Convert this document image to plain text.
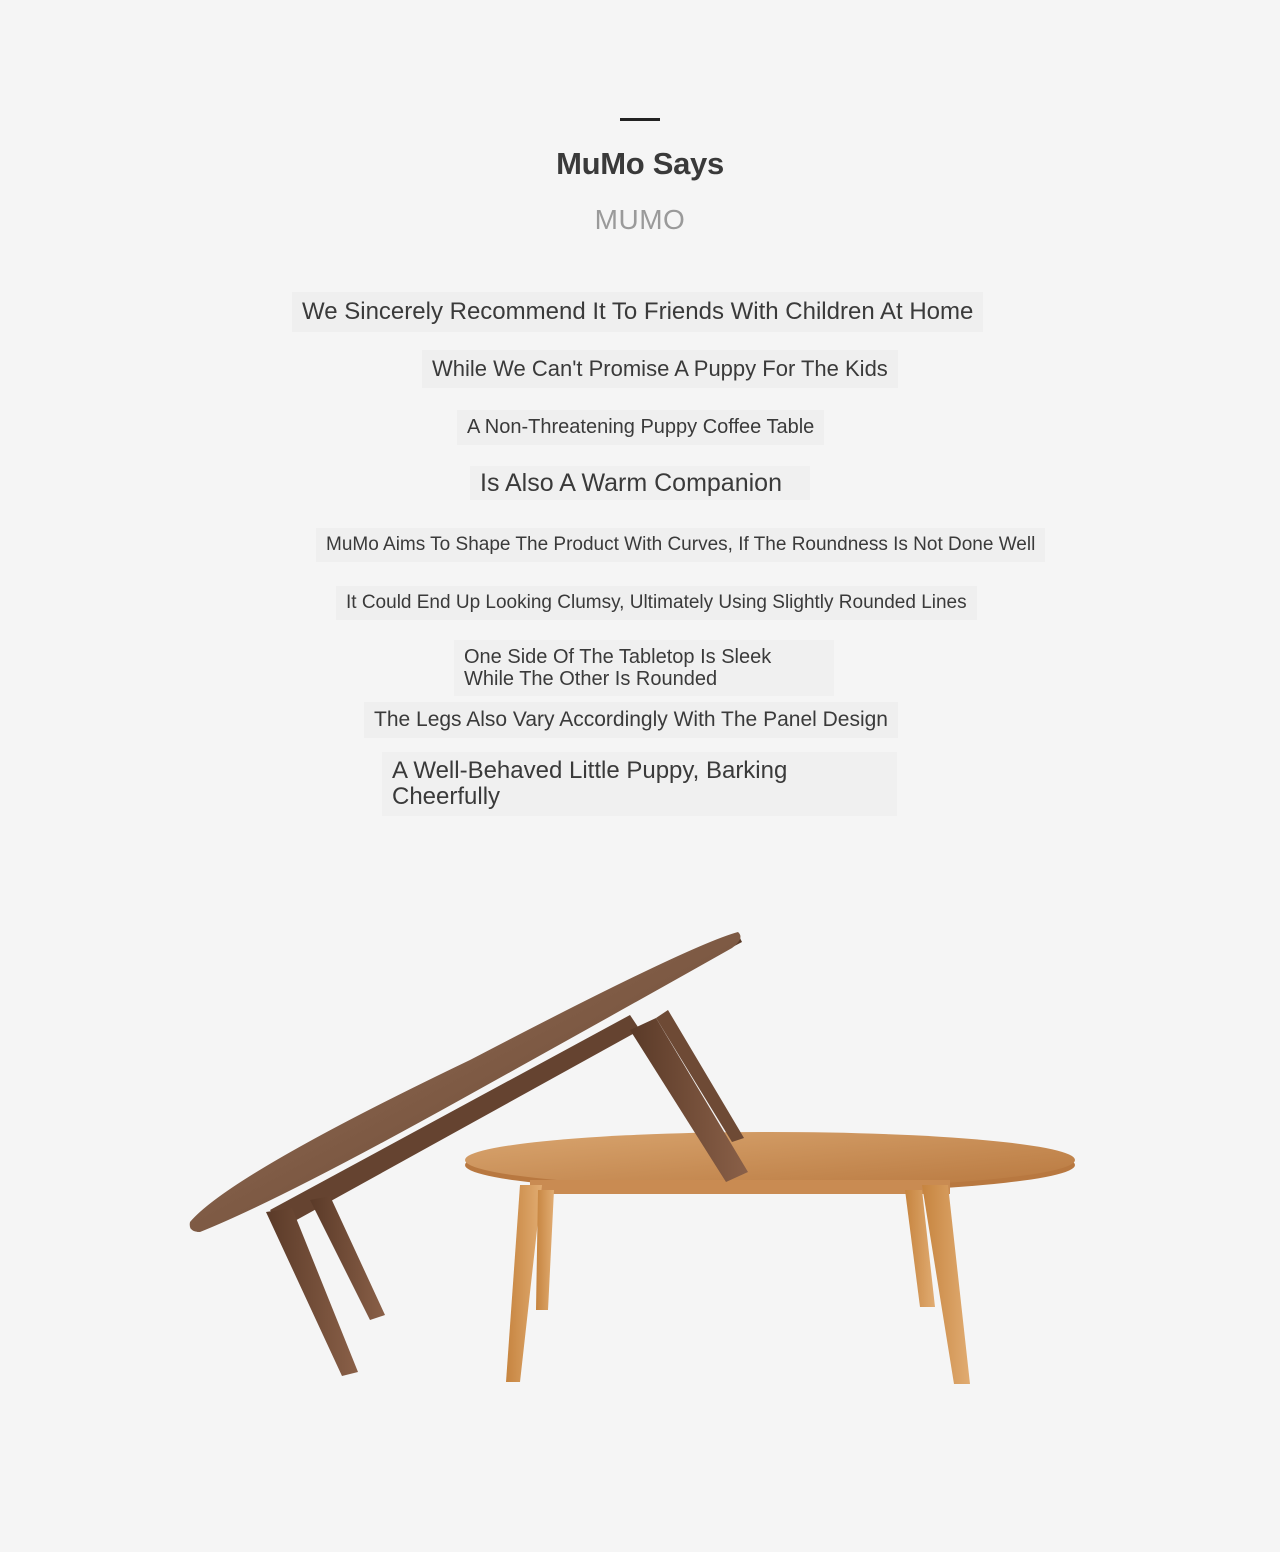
MuMo Says
MUMO
We Sincerely Recommend It To Friends With Children At Home
While We Can't Promise A Puppy For The Kids
A Non-Threatening Puppy Coffee Table
Is Also A Warm Companion
MuMo Aims To Shape The Product With Curves, If The Roundness Is Not Done Well
It Could End Up Looking Clumsy, Ultimately Using Slightly Rounded Lines
One Side Of The Tabletop Is Sleek While The Other Is Rounded
The Legs Also Vary Accordingly With The Panel Design
A Well-Behaved Little Puppy, Barking Cheerfully
